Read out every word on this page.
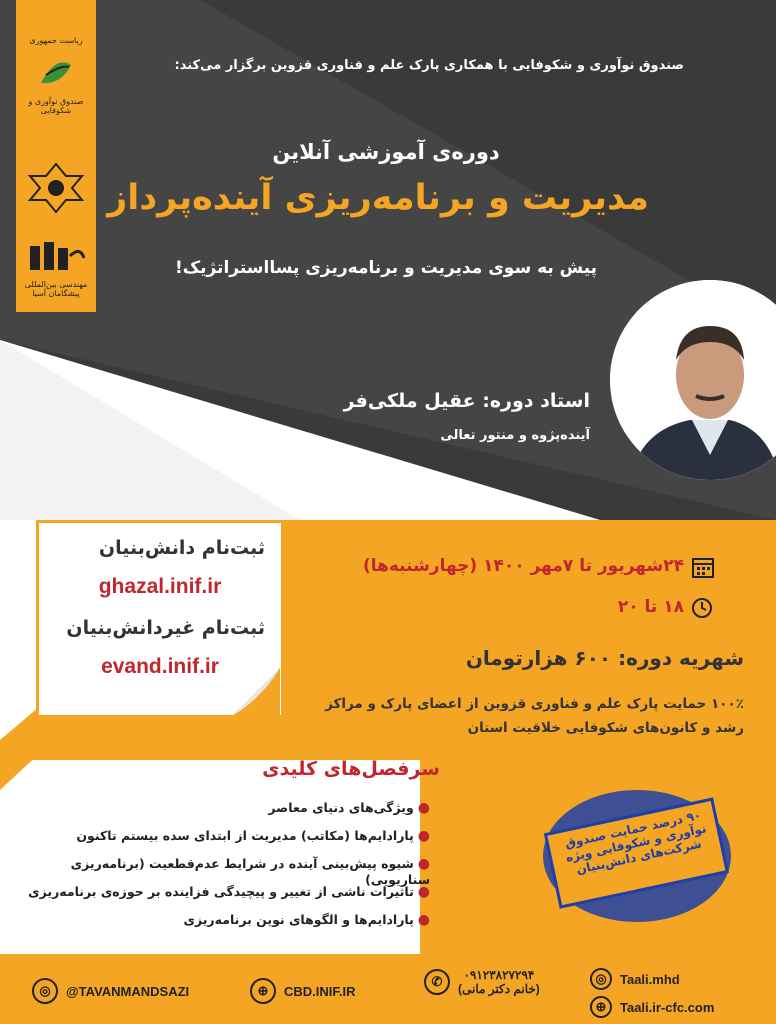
ریاست جمهوری
صندوق نوآوری و شکوفایی
مهندسی بین‌المللی پیشگامان آسیا
صندوق نوآوری و شکوفایی با همکاری پارک علم و فناوری قزوین برگزار می‌کند:
دوره‌ی آموزشی آنلاین
مدیریت و برنامه‌ریزی آینده‌پرداز
پیش به سوی مدیریت و برنامه‌ریزی پسااستراتژیک!
استاد دوره: عقیل ملکی‌فر
آینده‌پژوه و منتور تعالی
ثبت‌نام دانش‌بنیان
ghazal.inif.ir
ثبت‌نام غیردانش‌بنیان
evand.inif.ir
۲۴شهریور تا ۷مهر ۱۴۰۰ (چهارشنبه‌ها)
۱۸ تا ۲۰
شهریه دوره: ۶۰۰ هزارتومان
۱۰۰٪ حمایت پارک علم و فناوری قزوین از اعضای پارک و مراکز رشد و کانون‌های شکوفایی خلاقیت استان
سرفصل‌های کلیدی
●ویژگی‌های دنیای معاصر
●پارادایم‌ها (مکاتب) مدیریت از ابتدای سده بیستم تاکنون
●شیوه پیش‌بینی آینده در شرایط عدم‌قطعیت (برنامه‌ریزی سناریویی)
●تاثیرات ناشی از تغییر و پیچیدگی فزاینده بر حوزه‌ی برنامه‌ریزی
●پارادایم‌ها و الگوهای نوین برنامه‌ریزی
۹۰ درصد حمایت صندوق نوآوری و شکوفایی ویژه شرکت‌های دانش‌بنیان
◎	@TAVANMANDSAZI	⊕	CBD.INIF.IR
✆	۰۹۱۲۳۸۲۷۲۹۴
(خانم دکتر مانی)
◎	Taali.mhd
⊕	Taali.ir-cfc.com
